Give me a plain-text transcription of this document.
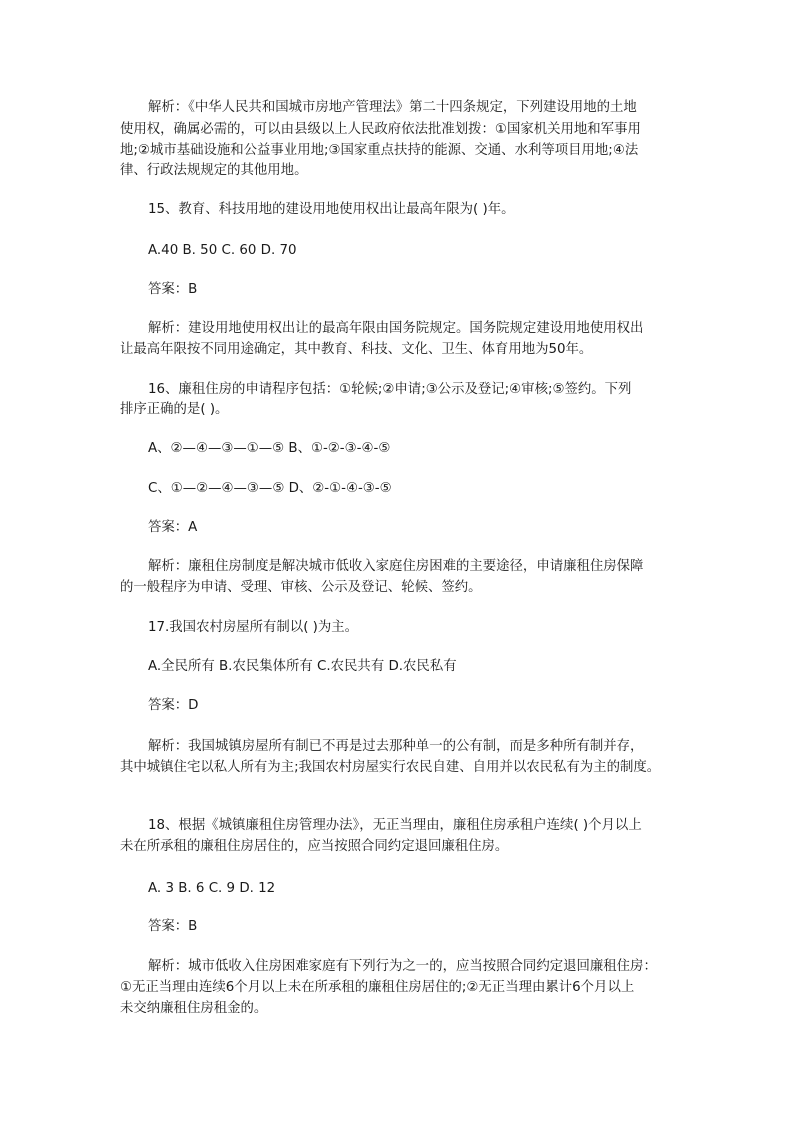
解析：《中华人民共和国城市房地产管理法》第二十四条规定，下列建设用地的土地
使用权，确属必需的，可以由县级以上人民政府依法批准划拨：①国家机关用地和军事用
地;②城市基础设施和公益事业用地;③国家重点扶持的能源、交通、水利等项目用地;④法
律、行政法规规定的其他用地。
15、教育、科技用地的建设用地使用权出让最高年限为( )年。
A.40 B. 50 C. 60 D. 70
答案：B
解析：建设用地使用权出让的最高年限由国务院规定。国务院规定建设用地使用权出
让最高年限按不同用途确定，其中教育、科技、文化、卫生、体育用地为50年。
16、廉租住房的申请程序包括：①轮候;②申请;③公示及登记;④审核;⑤签约。下列
排序正确的是( )。
A、②—④—③—①—⑤ B、①-②-③-④-⑤
C、①—②—④—③—⑤ D、②-①-④-③-⑤
答案：A
解析：廉租住房制度是解决城市低收入家庭住房困难的主要途径，申请廉租住房保障
的一般程序为申请、受理、审核、公示及登记、轮候、签约。
17.我国农村房屋所有制以( )为主。
A.全民所有 B.农民集体所有 C.农民共有 D.农民私有
答案：D
解析：我国城镇房屋所有制已不再是过去那种单一的公有制，而是多种所有制并存，
其中城镇住宅以私人所有为主;我国农村房屋实行农民自建、自用并以农民私有为主的制度。
18、根据《城镇廉租住房管理办法》，无正当理由，廉租住房承租户连续( )个月以上
未在所承租的廉租住房居住的，应当按照合同约定退回廉租住房。
A. 3 B. 6 C. 9 D. 12
答案：B
解析：城市低收入住房困难家庭有下列行为之一的，应当按照合同约定退回廉租住房：
①无正当理由连续6个月以上未在所承租的廉租住房居住的;②无正当理由累计6个月以上
未交纳廉租住房租金的。
